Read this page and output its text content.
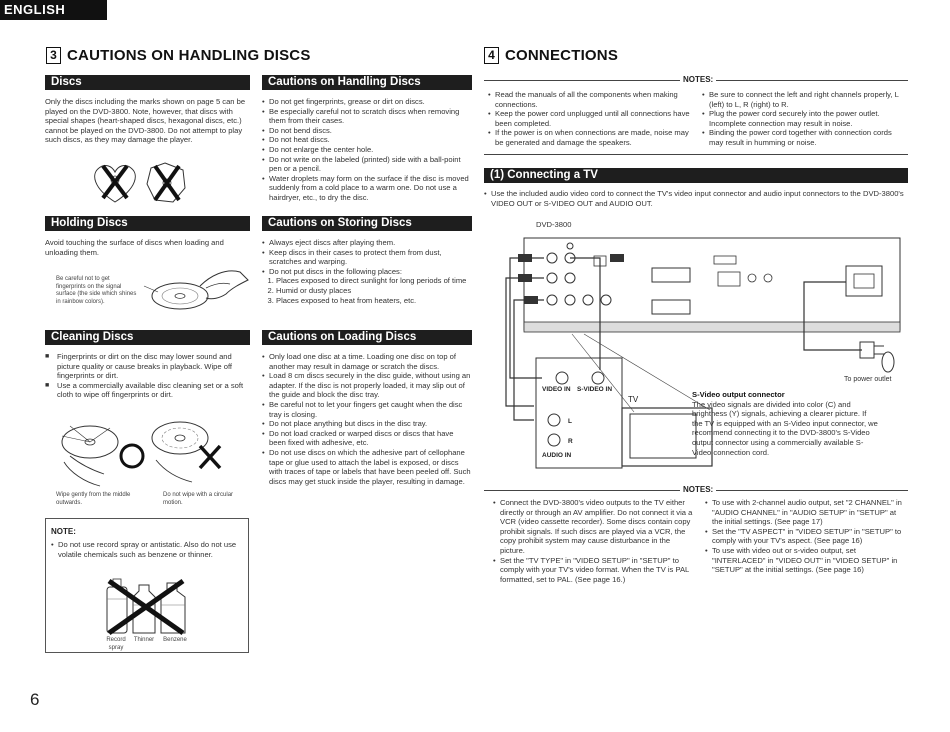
ENGLISH
3 CAUTIONS ON HANDLING DISCS
Discs
Only the discs including the marks shown on page 5 can be played on the DVD-3800. Note, however, that discs with special shapes (heart-shaped discs, hexagonal discs, etc.) cannot be played on the DVD-3800. Do not attempt to play such discs, as they may damage the player.
Cautions on Handling Discs
• Do not get fingerprints, grease or dirt on discs.
• Be especially careful not to scratch discs when removing them from their cases.
• Do not bend discs.
• Do not heat discs.
• Do not enlarge the center hole.
• Do not write on the labeled (printed) side with a ball-point pen or a pencil.
• Water droplets may form on the surface if the disc is moved suddenly from a cold place to a warm one. Do not use a hairdryer, etc., to dry the disc.
Holding Discs
Avoid touching the surface of discs when loading and unloading them.
Be careful not to get fingerprints on the signal surface (the side which shines in rainbow colors).
Cautions on Storing Discs
• Always eject discs after playing them.
• Keep discs in their cases to protect them from dust, scratches and warping.
• Do not put discs in the following places:
1. Places exposed to direct sunlight for long periods of time
2. Humid or dusty places
3. Places exposed to heat from heaters, etc.
Cleaning Discs
■ Fingerprints or dirt on the disc may lower sound and picture quality or cause breaks in playback. Wipe off fingerprints or dirt.
■ Use a commercially available disc cleaning set or a soft cloth to wipe off fingerprints or dirt.
Wipe gently from the middle outwards.
Do not wipe with a circular motion.
NOTE:
• Do not use record spray or antistatic. Also do not use volatile chemicals such as benzene or thinner.
Record spray
Thinner	Benzene
Cautions on Loading Discs
• Only load one disc at a time. Loading one disc on top of another may result in damage or scratch the discs.
• Load 8 cm discs securely in the disc guide, without using an adapter. If the disc is not properly loaded, it may slip out of the guide and block the disc tray.
• Be careful not to let your fingers get caught when the disc tray is closing.
• Do not place anything but discs in the disc tray.
• Do not load cracked or warped discs or discs that have been fixed with adhesive, etc.
• Do not use discs on which the adhesive part of cellophane tape or glue used to attach the label is exposed, or discs with traces of tape or labels that have been peeled off. Such discs may get stuck inside the player, resulting in damage.
4 CONNECTIONS
NOTES:
• Read the manuals of all the components when making connections.
• Keep the power cord unplugged until all connections have been completed.
• If the power is on when connections are made, noise may be generated and damage the speakers.
• Be sure to connect the left and right channels properly, L (left) to L, R (right) to R.
• Plug the power cord securely into the power outlet. Incomplete connection may result in noise.
• Binding the power cord together with connection cords may result in humming or noise.
(1) Connecting a TV
• Use the included audio video cord to connect the TV's video input connector and audio input connectors to the DVD-3800's VIDEO OUT or S-VIDEO OUT and AUDIO OUT.
DVD-3800
To power outlet
VIDEO IN S-VIDEO IN
TV
L
R
AUDIO IN
S-Video output connector
The video signals are divided into color (C) and brightness (Y) signals, achieving a clearer picture. If the TV is equipped with an S-Video input connector, we recommend connecting it to the DVD-3800's S-Video output connector using a commercially available S-Video connection cord.
NOTES:
• Connect the DVD-3800's video outputs to the TV either directly or through an AV amplifier. Do not connect it via a VCR (video cassette recorder). Some discs contain copy prohibit signals. If such discs are played via a VCR, the copy prohibit system may cause disturbance in the picture.
• Set the "TV TYPE" in "VIDEO SETUP" in "SETUP" to comply with your TV's video format. When the TV is PAL formatted, set to PAL. (See page 16.)
• To use with 2-channel audio output, set "2 CHANNEL" in "AUDIO CHANNEL" in "AUDIO SETUP" in "SETUP" at the initial settings. (See page 17)
• Set the "TV ASPECT" in "VIDEO SETUP" in "SETUP" to comply with your TV's aspect. (See page 16)
• To use with video out or s-video output, set "INTERLACED" in "VIDEO OUT" in "VIDEO SETUP" in "SETUP" at the initial settings. (See page 16)
6
